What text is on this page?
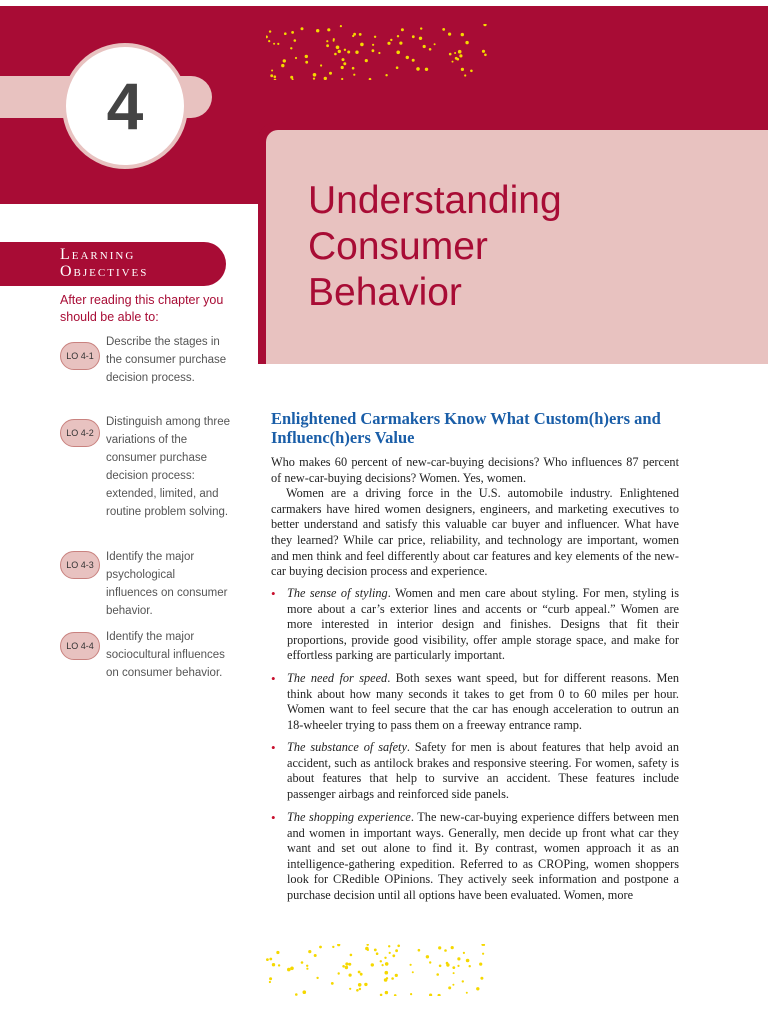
4
Understanding
Consumer
Behavior
Learning
Objectives
After reading this chapter you should be able to:
LO 4-1
Describe the stages in the consumer purchase decision process.
LO 4-2
Distinguish among three variations of the consumer purchase decision process: extended, limited, and routine problem solving.
LO 4-3
Identify the major psychological influences on consumer behavior.
LO 4-4
Identify the major sociocultural influences on consumer behavior.
Enlightened Carmakers Know What Custom(h)ers and Influenc(h)ers Value

Who makes 60 percent of new-car-buying decisions? Who influences 87 percent of new-car-buying decisions? Women. Yes, women.

Women are a driving force in the U.S. automobile industry. Enlightened carmakers have hired women designers, engineers, and marketing executives to better understand and satisfy this valuable car buyer and influencer. What have they learned? While car price, reliability, and technology are important, women and men think and feel differently about car features and key elements of the new-car buying decision process and experience.

• The sense of styling. Women and men care about styling. For men, styling is more about a car’s exterior lines and accents or “curb appeal.” Women are more interested in interior design and finishes. Designs that fit their proportions, provide good visibility, offer ample storage space, and make for effortless parking are particularly important.
• The need for speed. Both sexes want speed, but for different reasons. Men think about how many seconds it takes to get from 0 to 60 miles per hour. Women want to feel secure that the car has enough acceleration to outrun an 18-wheeler trying to pass them on a freeway entrance ramp.
• The substance of safety. Safety for men is about features that help avoid an accident, such as antilock brakes and responsive steering. For women, safety is about features that help to survive an accident. These features include passenger airbags and reinforced side panels.
• The shopping experience. The new-car-buying experience differs between men and women in important ways. Generally, men decide up front what car they want and set out alone to find it. By contrast, women approach it as an intelligence-gathering expedition. Referred to as CROPing, women shoppers look for CRedible OPinions. They actively seek information and postpone a purchase decision until all options have been evaluated. Women, more
